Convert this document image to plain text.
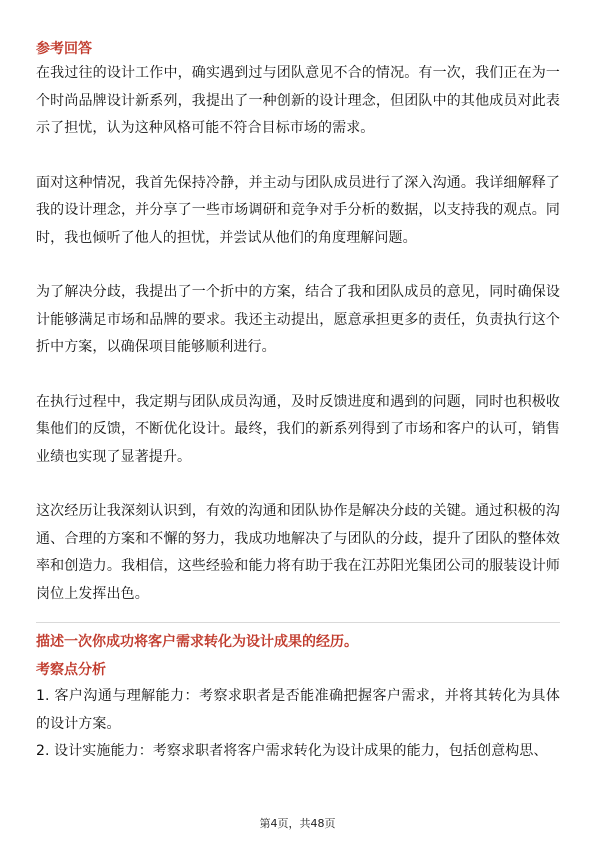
参考回答

在我过往的设计工作中，确实遇到过与团队意见不合的情况。有一次，我们正在为一个时尚品牌设计新系列，我提出了一种创新的设计理念，但团队中的其他成员对此表示了担忧，认为这种风格可能不符合目标市场的需求。

面对这种情况，我首先保持冷静，并主动与团队成员进行了深入沟通。我详细解释了我的设计理念，并分享了一些市场调研和竞争对手分析的数据，以支持我的观点。同时，我也倾听了他人的担忧，并尝试从他们的角度理解问题。

为了解决分歧，我提出了一个折中的方案，结合了我和团队成员的意见，同时确保设计能够满足市场和品牌的要求。我还主动提出，愿意承担更多的责任，负责执行这个折中方案，以确保项目能够顺利进行。

在执行过程中，我定期与团队成员沟通，及时反馈进度和遇到的问题，同时也积极收集他们的反馈，不断优化设计。最终，我们的新系列得到了市场和客户的认可，销售业绩也实现了显著提升。

这次经历让我深刻认识到，有效的沟通和团队协作是解决分歧的关键。通过积极的沟通、合理的方案和不懈的努力，我成功地解决了与团队的分歧，提升了团队的整体效率和创造力。我相信，这些经验和能力将有助于我在江苏阳光集团公司的服装设计师岗位上发挥出色。

描述一次你成功将客户需求转化为设计成果的经历。

考察点分析

1. 客户沟通与理解能力：考察求职者是否能准确把握客户需求，并将其转化为具体的设计方案。

2. 设计实施能力：考察求职者将客户需求转化为设计成果的能力，包括创意构思、

第4页，共48页
